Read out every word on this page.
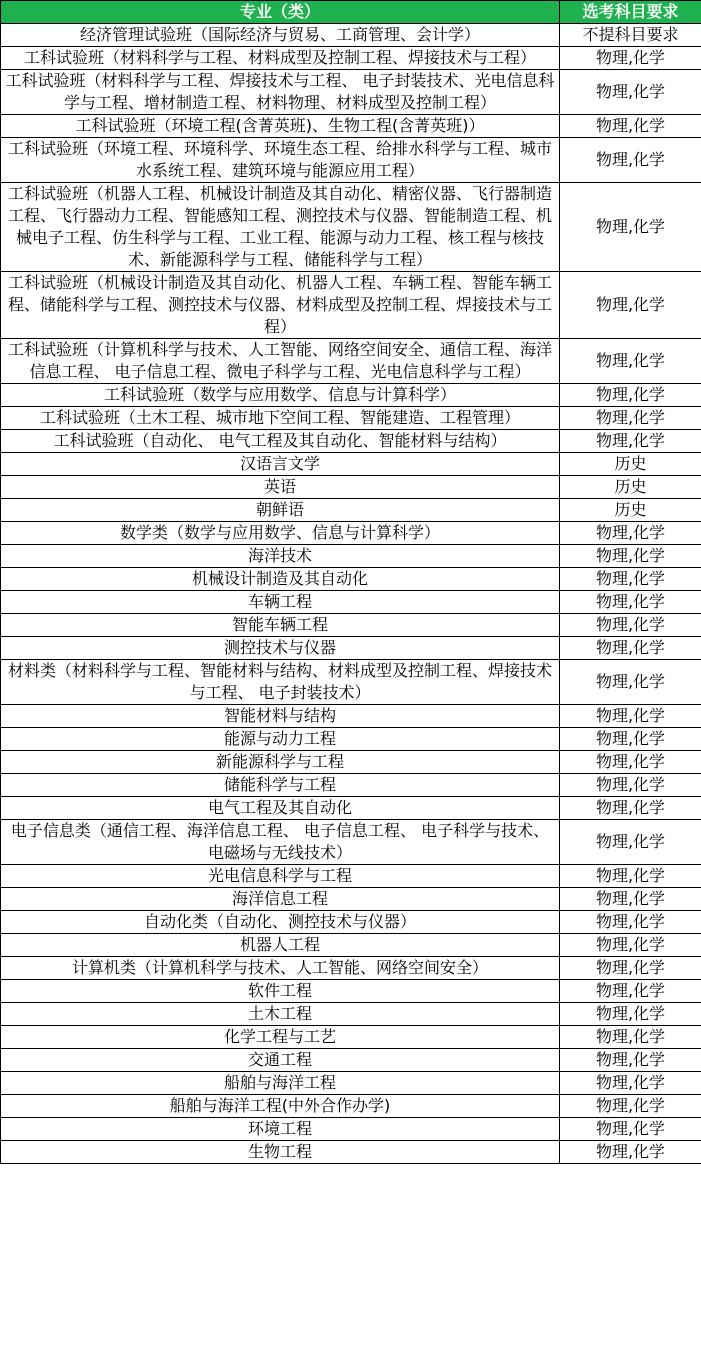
专业（类）	选考科目要求
经济管理试验班（国际经济与贸易、工商管理、会计学）	不提科目要求
工科试验班（材料科学与工程、材料成型及控制工程、焊接技术与工程）	物理,化学
工科试验班（材料科学与工程、焊接技术与工程、 电子封装技术、光电信息科学与工程、增材制造工程、材料物理、材料成型及控制工程）	物理,化学
工科试验班（环境工程(含菁英班)、生物工程(含菁英班)）	物理,化学
工科试验班（环境工程、环境科学、环境生态工程、给排水科学与工程、城市水系统工程、建筑环境与能源应用工程）	物理,化学
工科试验班（机器人工程、机械设计制造及其自动化、精密仪器、飞行器制造工程、飞行器动力工程、智能感知工程、测控技术与仪器、智能制造工程、机械电子工程、仿生科学与工程、工业工程、能源与动力工程、核工程与核技术、新能源科学与工程、储能科学与工程）	物理,化学
工科试验班（机械设计制造及其自动化、机器人工程、车辆工程、智能车辆工程、储能科学与工程、测控技术与仪器、材料成型及控制工程、焊接技术与工程）	物理,化学
工科试验班（计算机科学与技术、人工智能、网络空间安全、通信工程、海洋信息工程、 电子信息工程、微电子科学与工程、光电信息科学与工程）	物理,化学
工科试验班（数学与应用数学、信息与计算科学）	物理,化学
工科试验班（土木工程、城市地下空间工程、智能建造、工程管理）	物理,化学
工科试验班（自动化、 电气工程及其自动化、智能材料与结构）	物理,化学
汉语言文学	历史
英语	历史
朝鲜语	历史
数学类（数学与应用数学、信息与计算科学）	物理,化学
海洋技术	物理,化学
机械设计制造及其自动化	物理,化学
车辆工程	物理,化学
智能车辆工程	物理,化学
测控技术与仪器	物理,化学
材料类（材料科学与工程、智能材料与结构、材料成型及控制工程、焊接技术与工程、 电子封装技术）	物理,化学
智能材料与结构	物理,化学
能源与动力工程	物理,化学
新能源科学与工程	物理,化学
储能科学与工程	物理,化学
电气工程及其自动化	物理,化学
电子信息类（通信工程、海洋信息工程、 电子信息工程、 电子科学与技术、 电磁场与无线技术）	物理,化学
光电信息科学与工程	物理,化学
海洋信息工程	物理,化学
自动化类（自动化、测控技术与仪器）	物理,化学
机器人工程	物理,化学
计算机类（计算机科学与技术、人工智能、网络空间安全）	物理,化学
软件工程	物理,化学
土木工程	物理,化学
化学工程与工艺	物理,化学
交通工程	物理,化学
船舶与海洋工程	物理,化学
船舶与海洋工程(中外合作办学)	物理,化学
环境工程	物理,化学
生物工程	物理,化学
